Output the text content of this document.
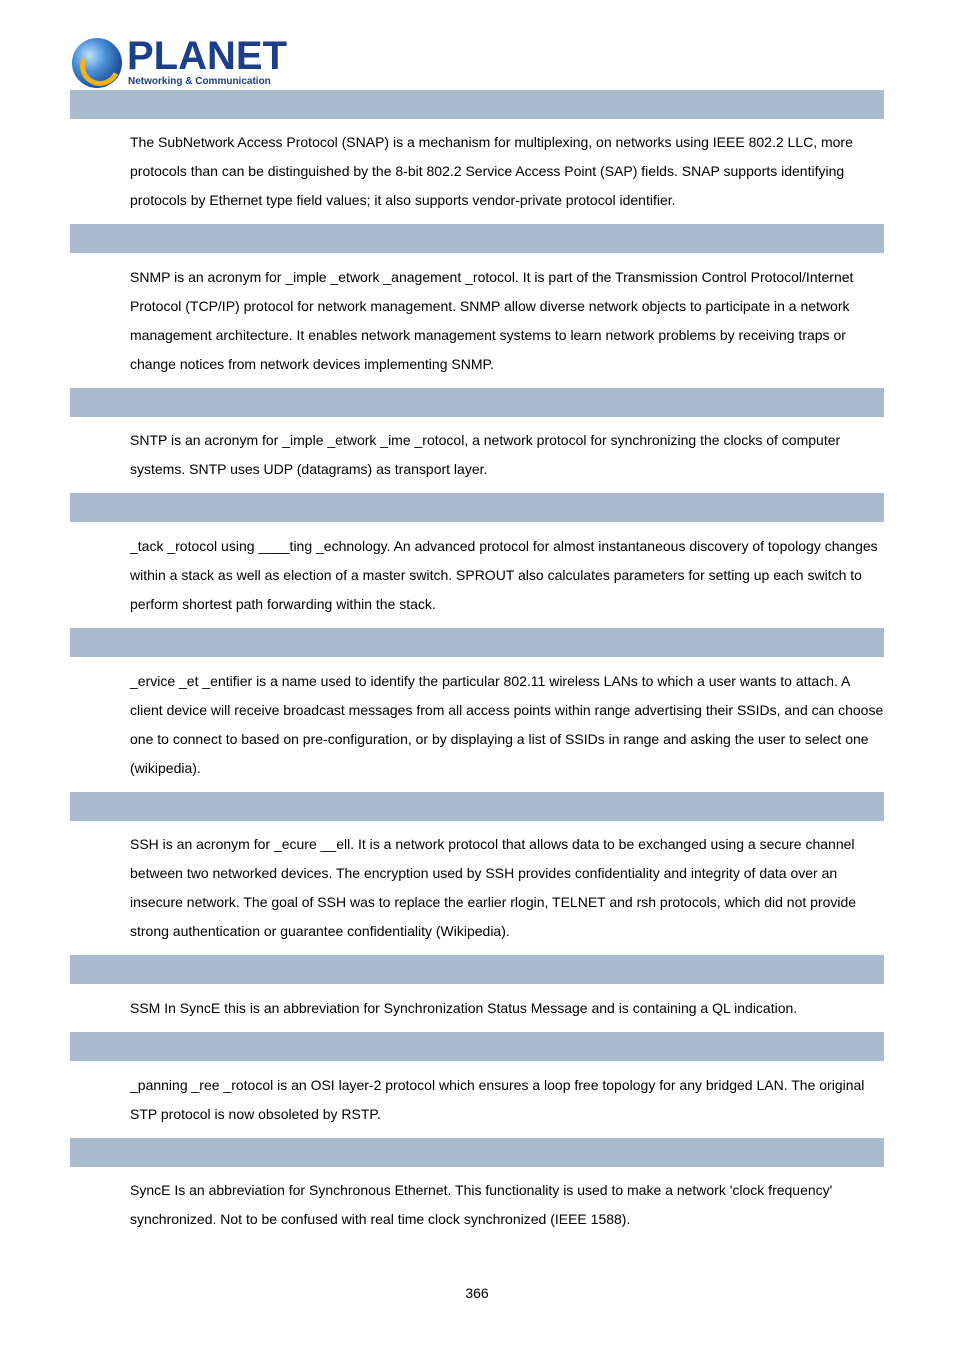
PLANET
Networking & Communication

The SubNetwork Access Protocol (SNAP) is a mechanism for multiplexing, on networks using IEEE 802.2 LLC, more protocols than can be distinguished by the 8-bit 802.2 Service Access Point (SAP) fields. SNAP supports identifying protocols by Ethernet type field values; it also supports vendor-private protocol identifier.

SNMP is an acronym for _imple _etwork _anagement _rotocol. It is part of the Transmission Control Protocol/Internet Protocol (TCP/IP) protocol for network management. SNMP allow diverse network objects to participate in a network management architecture. It enables network management systems to learn network problems by receiving traps or change notices from network devices implementing SNMP.

SNTP is an acronym for _imple _etwork _ime _rotocol, a network protocol for synchronizing the clocks of computer systems. SNTP uses UDP (datagrams) as transport layer.

_tack _rotocol using ____ting _echnology. An advanced protocol for almost instantaneous discovery of topology changes within a stack as well as election of a master switch. SPROUT also calculates parameters for setting up each switch to perform shortest path forwarding within the stack.

_ervice _et _entifier is a name used to identify the particular 802.11 wireless LANs to which a user wants to attach. A client device will receive broadcast messages from all access points within range advertising their SSIDs, and can choose one to connect to based on pre-configuration, or by displaying a list of SSIDs in range and asking the user to select one (wikipedia).

SSH is an acronym for _ecure __ell. It is a network protocol that allows data to be exchanged using a secure channel between two networked devices. The encryption used by SSH provides confidentiality and integrity of data over an insecure network. The goal of SSH was to replace the earlier rlogin, TELNET and rsh protocols, which did not provide strong authentication or guarantee confidentiality (Wikipedia).

SSM In SyncE this is an abbreviation for Synchronization Status Message and is containing a QL indication.

_panning _ree _rotocol is an OSI layer-2 protocol which ensures a loop free topology for any bridged LAN. The original STP protocol is now obsoleted by RSTP.

SyncE Is an abbreviation for Synchronous Ethernet. This functionality is used to make a network 'clock frequency' synchronized. Not to be confused with real time clock synchronized (IEEE 1588).

366
